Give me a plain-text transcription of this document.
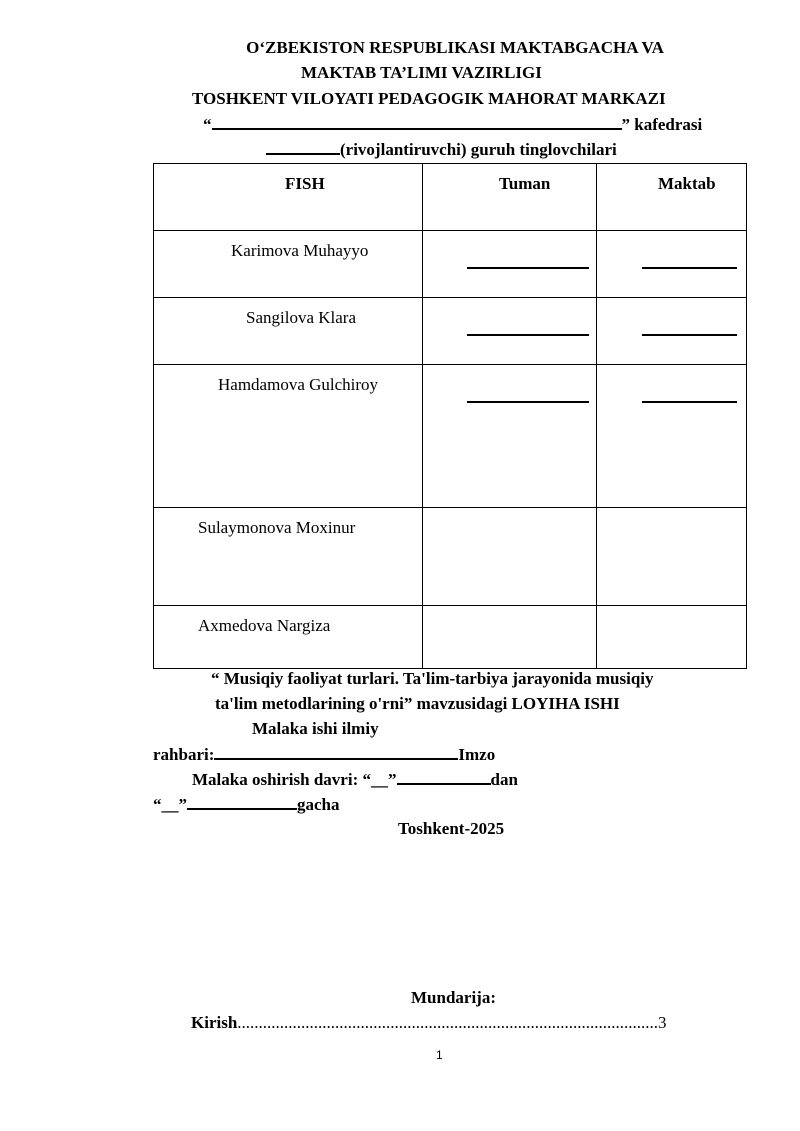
O‘ZBEKISTON RESPUBLIKASI MAKTABGACHA VA
MAKTAB TA’LIMI VAZIRLIGI
TOSHKENT VILOYATI PEDAGOGIK MAHORAT MARKAZI
“	” kafedrasi
(rivojlantiruvchi) guruh tinglovchilari
FISH	Tuman	Maktab
Karimova Muhayyo		
Sangilova Klara		
Hamdamova Gulchiroy		
Sulaymonova Moxinur		
Axmedova Nargiza		
“ Musiqiy faoliyat turlari. Ta'lim-tarbiya jarayonida musiqiy
ta'lim metodlarining o'rni” mavzusidagi LOYIHA ISHI
Malaka ishi ilmiy
rahbari:	Imzo
Malaka oshirish davri: “__”	dan
“__”	gacha
Toshkent-2025
Mundarija:
Kirish...................................................................................................3
1
